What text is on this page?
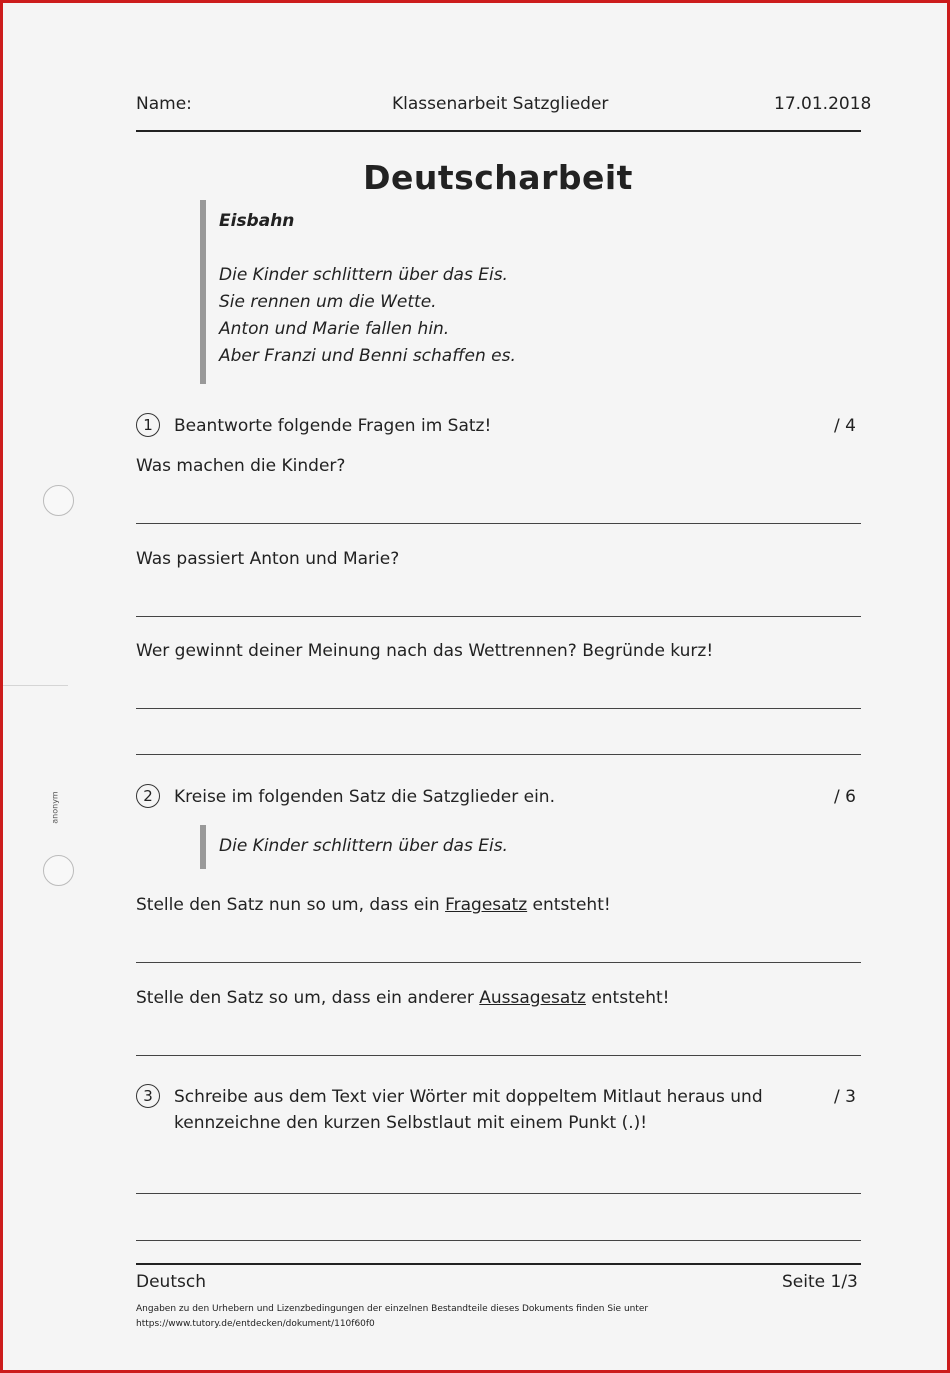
Name:	Klassenarbeit Satzglieder	17.01.2018
Deutscharbeit
Eisbahn
Die Kinder schlittern über das Eis.
Sie rennen um die Wette.
Anton und Marie fallen hin.
Aber Franzi und Benni schaffen es.
1	Beantworte folgende Fragen im Satz!	/ 4
Was machen die Kinder?
Was passiert Anton und Marie?
Wer gewinnt deiner Meinung nach das Wettrennen? Begründe kurz!
2	Kreise im folgenden Satz die Satzglieder ein.	/ 6
Die Kinder schlittern über das Eis.
Stelle den Satz nun so um, dass ein Fragesatz entsteht!
Stelle den Satz so um, dass ein anderer Aussagesatz entsteht!
3	Schreibe aus dem Text vier Wörter mit doppeltem Mitlaut heraus und
kennzeichne den kurzen Selbstlaut mit einem Punkt (.)!
/ 3
Deutsch	Seite 1/3
Angaben zu den Urhebern und Lizenzbedingungen der einzelnen Bestandteile dieses Dokuments finden Sie unter
https://www.tutory.de/entdecken/dokument/110f60f0
anonym
